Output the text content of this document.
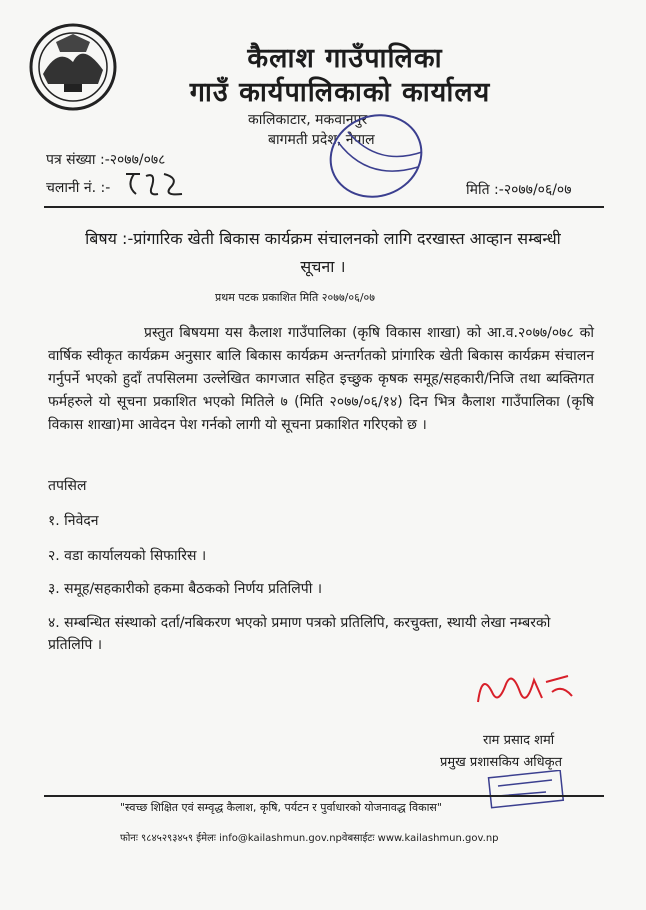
कैलाश गाउँपालिका
गाउँ कार्यपालिकाको कार्यालय
कालिकाटार, मकवानपुर
बागमती प्रदेश, नेपाल
पत्र संख्या :-२०७७/०७८
चलानी नं. :-	मिति :-२०७७/०६/०७
बिषय :-प्रांगारिक खेती बिकास कार्यक्रम संचालनको लागि दरखास्त आव्हान सम्बन्धी
सूचना ।
प्रथम पटक प्रकाशित मिति २०७७/०६/०७
प्रस्तुत बिषयमा यस कैलाश गाउँपालिका (कृषि विकास शाखा) को आ.व.२०७७/०७८ को वार्षिक स्वीकृत कार्यक्रम अनुसार बालि बिकास कार्यक्रम अन्तर्गतको प्रांगारिक खेती बिकास कार्यक्रम संचालन गर्नुपर्ने भएको हुदाँ तपसिलमा उल्लेखित कागजात सहित इच्छुक कृषक समूह/सहकारी/निजि तथा ब्यक्तिगत फर्महरुले यो सूचना प्रकाशित भएको मितिले ७ (मिति २०७७/०६/१४) दिन भित्र कैलाश गाउँपालिका (कृषि विकास शाखा)मा आवेदन पेश गर्नको लागी यो सूचना प्रकाशित गरिएको छ ।
तपसिल
१. निवेदन
२. वडा कार्यालयको सिफारिस ।
३. समूह/सहकारीको हकमा बैठकको निर्णय प्रतिलिपी ।
४. सम्बन्धित संस्थाको दर्ता/नबिकरण भएको प्रमाण पत्रको प्रतिलिपि, करचुक्ता, स्थायी लेखा नम्बरको प्रतिलिपि ।
राम प्रसाद शर्मा
प्रमुख प्रशासकिय अधिकृत
"स्वच्छ शिक्षित एवं सम्वृद्ध कैलाश, कृषि, पर्यटन र पुर्वाधारको योजनावद्ध विकास"
फोनः ९८४५२९३४५९ ईमेलः info@kailashmun.gov.npवेबसाईटः www.kailashmun.gov.np
